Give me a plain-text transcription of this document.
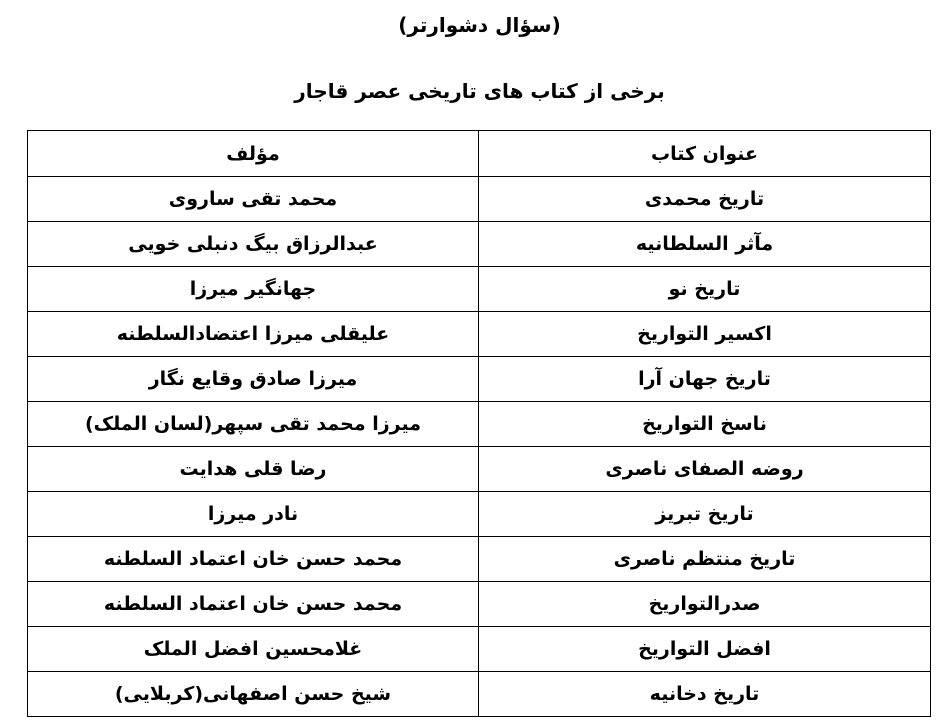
(سؤال دشوارتر)
برخی از کتاب های تاریخی عصر قاجار
عنوان کتاب	مؤلف
تاریخ محمدی	محمد تقی ساروی
مآثر السلطانیه	عبدالرزاق بیگ دنبلی خویی
تاریخ نو	جهانگیر میرزا
اکسیر التواریخ	علیقلی میرزا اعتضادالسلطنه
تاریخ جهان آرا	میرزا صادق وقایع نگار
ناسخ التواریخ	میرزا محمد تقی سپهر(لسان الملک)
روضه الصفای ناصری	رضا قلی هدایت
تاریخ تبریز	نادر میرزا
تاریخ منتظم ناصری	محمد حسن خان اعتماد السلطنه
صدرالتواریخ	محمد حسن خان اعتماد السلطنه
افضل التواریخ	غلامحسین افضل الملک
تاریخ دخانیه	شیخ حسن اصفهانی(کربلایی)
